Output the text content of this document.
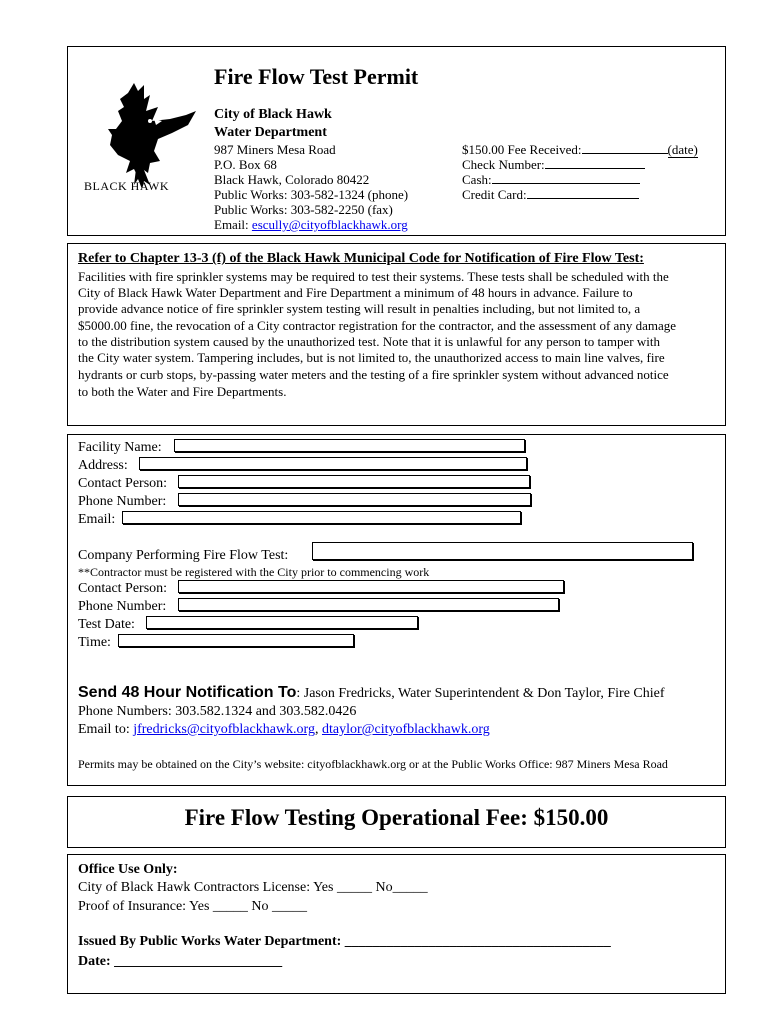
BLACK HAWK
Fire Flow Test Permit
City of Black Hawk
Water Department
987 Miners Mesa Road
P.O. Box 68
Black Hawk, Colorado 80422
Public Works: 303-582-1324 (phone)
Public Works: 303-582-2250 (fax)
Email: escully@cityofblackhawk.org
$150.00 Fee Received:	(date)
Check Number:
Cash:
Credit Card:
Refer to Chapter 13-3 (f) of the Black Hawk Municipal Code for Notification of Fire Flow Test:
Facilities with fire sprinkler systems may be required to test their systems. These tests shall be scheduled with the
City of Black Hawk Water Department and Fire Department a minimum of 48 hours in advance. Failure to
provide advance notice of fire sprinkler system testing will result in penalties including, but not limited to, a
$5000.00 fine, the revocation of a City contractor registration for the contractor, and the assessment of any damage
to the distribution system caused by the unauthorized test. Note that it is unlawful for any person to tamper with
the City water system. Tampering includes, but is not limited to, the unauthorized access to main line valves, fire
hydrants or curb stops, by-passing water meters and the testing of a fire sprinkler system without advanced notice
to both the Water and Fire Departments.
Facility Name:
Address:
Contact Person:
Phone Number:
Email:
Company Performing Fire Flow Test:
**Contractor must be registered with the City prior to commencing work
Contact Person:
Phone Number:
Test Date:
Time:
Send 48 Hour Notification To: Jason Fredricks, Water Superintendent & Don Taylor, Fire Chief
Phone Numbers: 303.582.1324 and 303.582.0426
Email to: jfredricks@cityofblackhawk.org, dtaylor@cityofblackhawk.org
Permits may be obtained on the City’s website: cityofblackhawk.org or at the Public Works Office: 987 Miners Mesa Road
Fire Flow Testing Operational Fee: $150.00
Office Use Only:
City of Black Hawk Contractors License: Yes _____ No_____
Proof of Insurance: Yes _____ No _____
Issued By Public Works Water Department: ______________________________________
Date: ________________________
